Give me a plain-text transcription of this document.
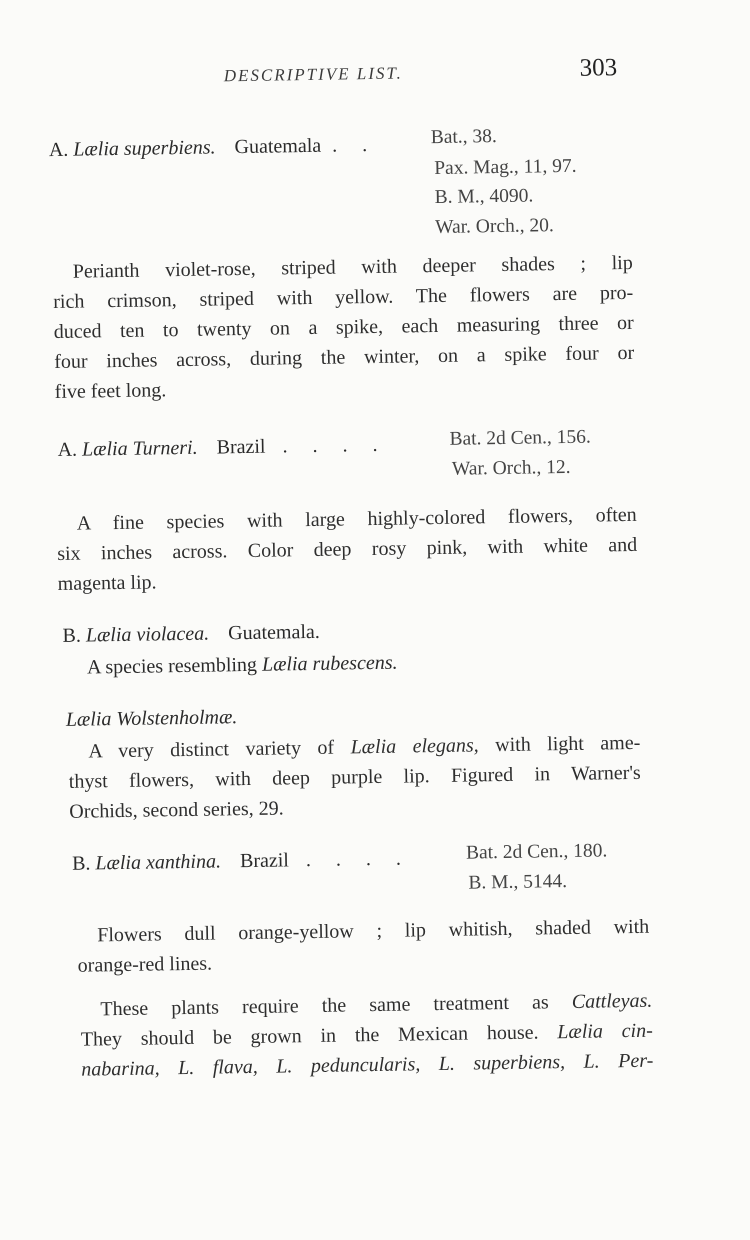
DESCRIPTIVE LIST.	303
A. Lælia superbiens. Guatemala . .	Bat., 38.
Pax. Mag., 11, 97.
B. M., 4090.
War. Orch., 20.
Perianth violet-rose, striped with deeper shades ; lip
rich crimson, striped with yellow. The flowers are pro-
duced ten to twenty on a spike, each measuring three or
four inches across, during the winter, on a spike four or
five feet long.
A. Lælia Turneri. Brazil . . . .	Bat. 2d Cen., 156.
War. Orch., 12.
A fine species with large highly-colored flowers, often
six inches across. Color deep rosy pink, with white and
magenta lip.
B. Lælia violacea. Guatemala.
A species resembling Lælia rubescens.
Lælia Wolstenholmæ.
A very distinct variety of Lælia elegans, with light ame-
thyst flowers, with deep purple lip. Figured in Warner's
Orchids, second series, 29.
B. Lælia xanthina. Brazil . . . .	Bat. 2d Cen., 180.
B. M., 5144.
Flowers dull orange-yellow ; lip whitish, shaded with
orange-red lines.
These plants require the same treatment as Cattleyas.
They should be grown in the Mexican house. Lælia cin-
nabarina, L. flava, L. peduncularis, L. superbiens, L. Per-
